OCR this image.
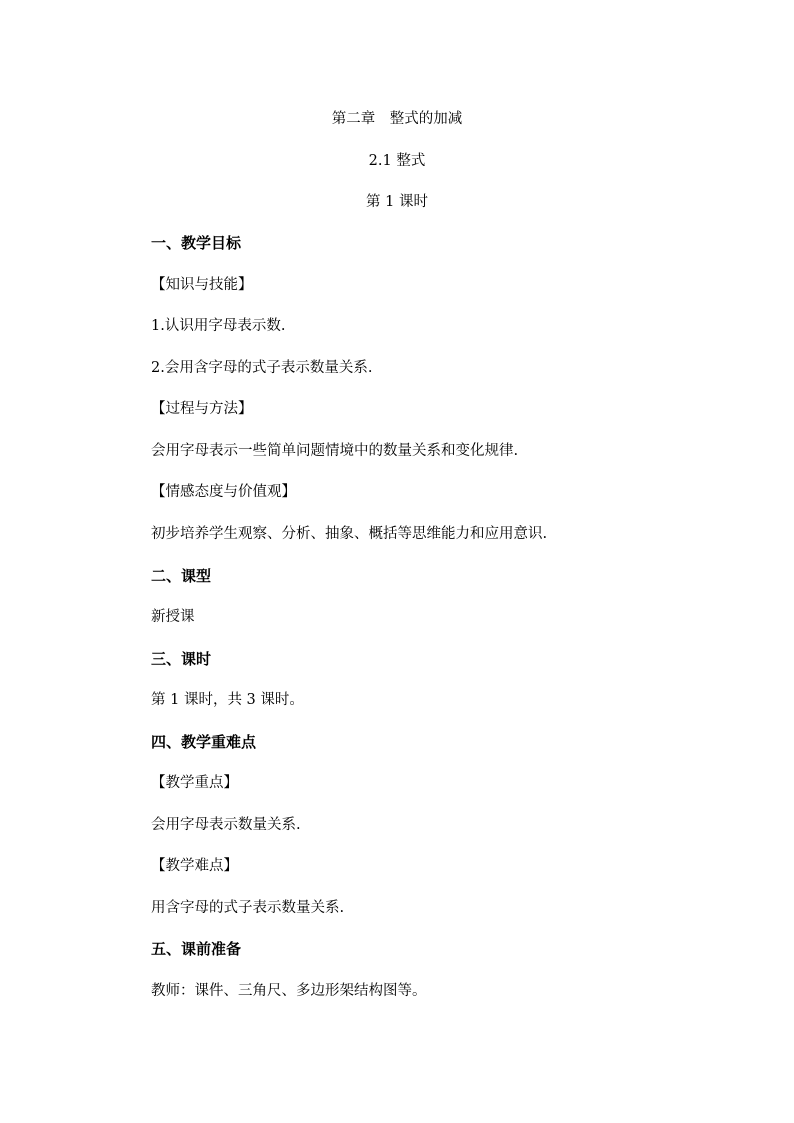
第二章　整式的加减
2.1 整式
第 1 课时
一、教学目标
【知识与技能】
1.认识用字母表示数.
2.会用含字母的式子表示数量关系.
【过程与方法】
会用字母表示一些简单问题情境中的数量关系和变化规律.
【情感态度与价值观】
初步培养学生观察、分析、抽象、概括等思维能力和应用意识.
二、课型
新授课
三、课时
第 1 课时，共 3 课时。
四、教学重难点
【教学重点】
会用字母表示数量关系.
【教学难点】
用含字母的式子表示数量关系.
五、课前准备
教师：课件、三角尺、多边形架结构图等。
